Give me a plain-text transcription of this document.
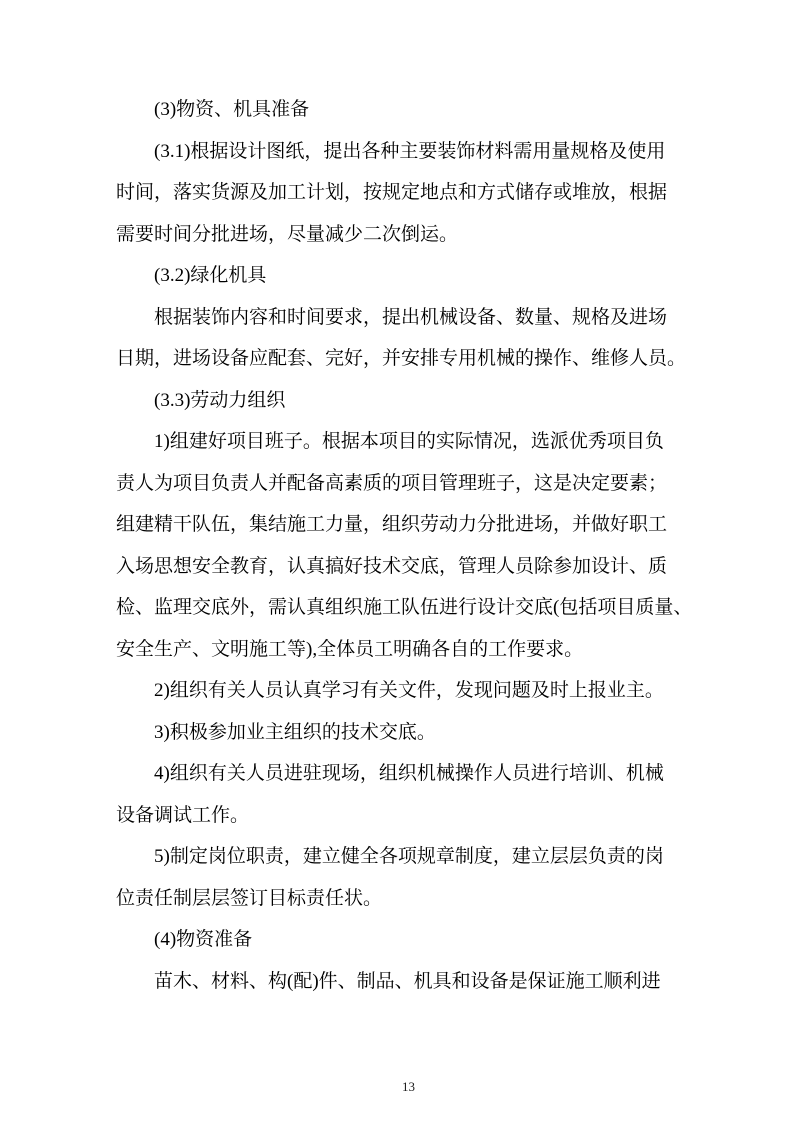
(3)物资、机具准备
(3.1)根据设计图纸，提出各种主要装饰材料需用量规格及使用
时间，落实货源及加工计划，按规定地点和方式储存或堆放，根据
需要时间分批进场，尽量减少二次倒运。
(3.2)绿化机具
根据装饰内容和时间要求，提出机械设备、数量、规格及进场
日期，进场设备应配套、完好，并安排专用机械的操作、维修人员。
(3.3)劳动力组织
1)组建好项目班子。根据本项目的实际情况，选派优秀项目负
责人为项目负责人并配备高素质的项目管理班子，这是决定要素；
组建精干队伍，集结施工力量，组织劳动力分批进场，并做好职工
入场思想安全教育，认真搞好技术交底，管理人员除参加设计、质
检、监理交底外，需认真组织施工队伍进行设计交底(包括项目质量、
安全生产、文明施工等),全体员工明确各自的工作要求。
2)组织有关人员认真学习有关文件，发现问题及时上报业主。
3)积极参加业主组织的技术交底。
4)组织有关人员进驻现场，组织机械操作人员进行培训、机械
设备调试工作。
5)制定岗位职责，建立健全各项规章制度，建立层层负责的岗
位责任制层层签订目标责任状。
(4)物资准备
苗木、材料、构(配)件、制品、机具和设备是保证施工顺利进
13
